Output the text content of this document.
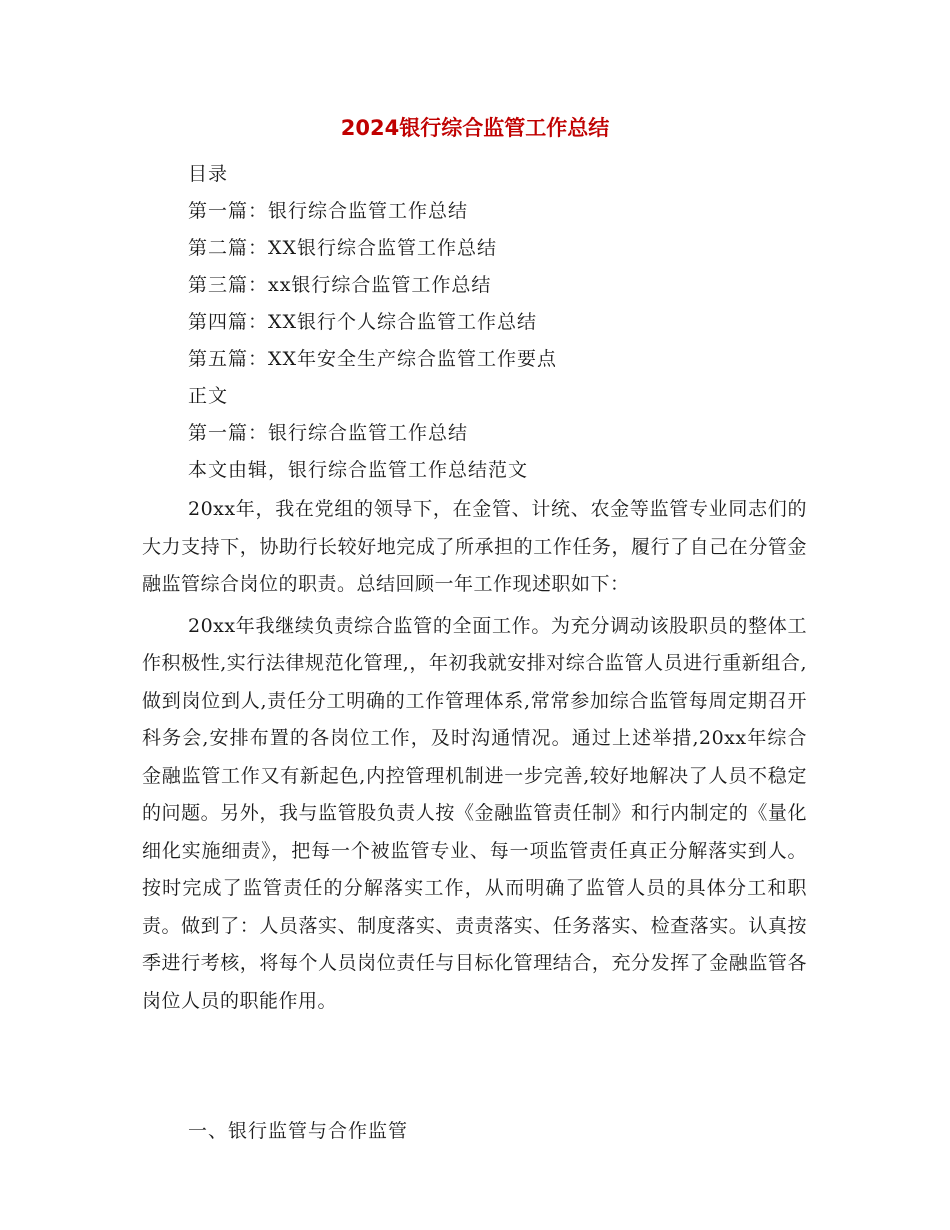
2024银行综合监管工作总结
目录
第一篇：银行综合监管工作总结
第二篇：XX银行综合监管工作总结
第三篇：xx银行综合监管工作总结
第四篇：XX银行个人综合监管工作总结
第五篇：XX年安全生产综合监管工作要点
正文
第一篇：银行综合监管工作总结
本文由辑，银行综合监管工作总结范文

20xx年，我在党组的领导下，在金管、计统、农金等监管专业同志们的大力支持下，协助行长较好地完成了所承担的工作任务，履行了自己在分管金融监管综合岗位的职责。总结回顾一年工作现述职如下：

20xx年我继续负责综合监管的全面工作。为充分调动该股职员的整体工作积极性,实行法律规范化管理,，年初我就安排对综合监管人员进行重新组合,做到岗位到人,责任分工明确的工作管理体系,常常参加综合监管每周定期召开科务会,安排布置的各岗位工作，及时沟通情况。通过上述举措,20xx年综合金融监管工作又有新起色,内控管理机制进一步完善,较好地解决了人员不稳定的问题。另外，我与监管股负责人按《金融监管责任制》和行内制定的《量化细化实施细责》，把每一个被监管专业、每一项监管责任真正分解落实到人。按时完成了监管责任的分解落实工作，从而明确了监管人员的具体分工和职责。做到了：人员落实、制度落实、责责落实、任务落实、检查落实。认真按季进行考核，将每个人员岗位责任与目标化管理结合，充分发挥了金融监管各岗位人员的职能作用。

一、银行监管与合作监管
